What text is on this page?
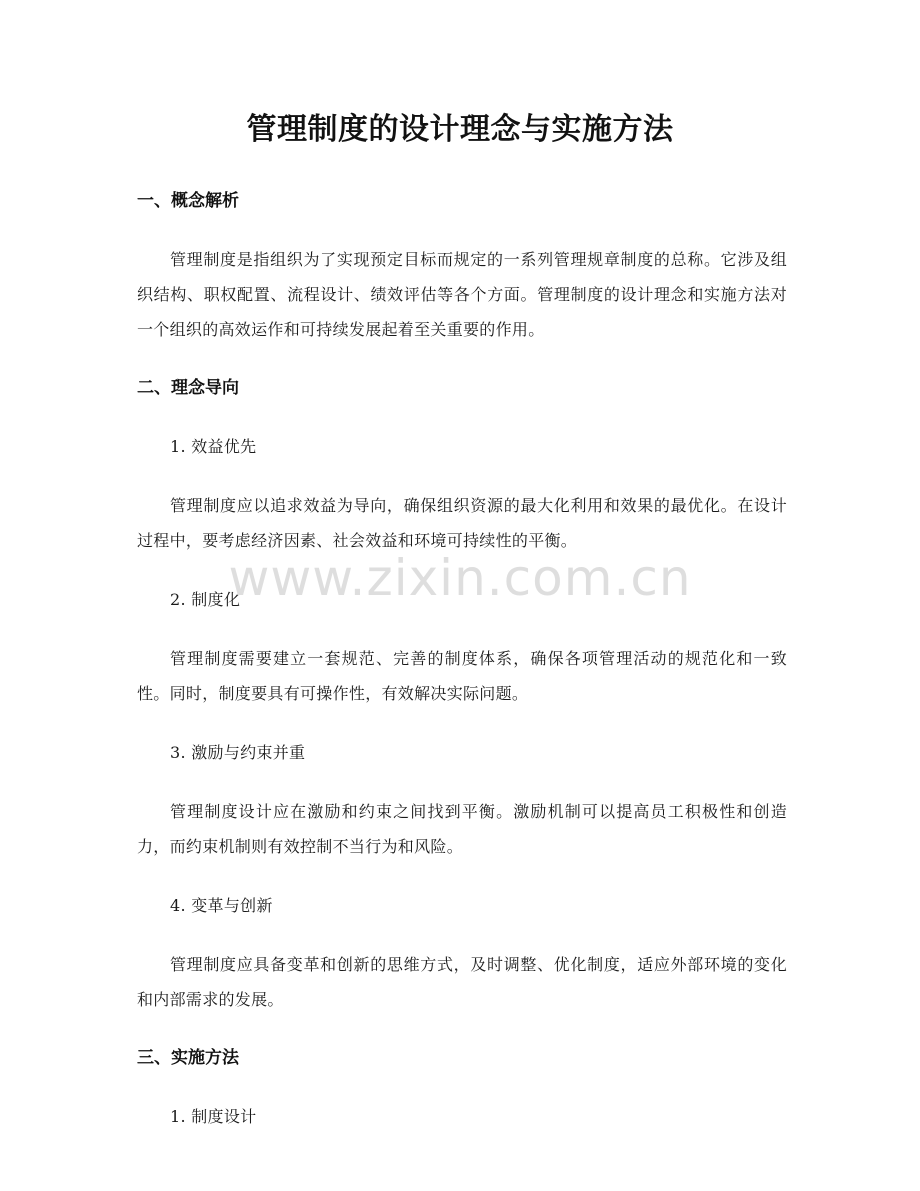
管理制度的设计理念与实施方法
www.zixin.com.cn
一、概念解析

管理制度是指组织为了实现预定目标而规定的一系列管理规章制度的总称。它涉及组织结构、职权配置、流程设计、绩效评估等各个方面。管理制度的设计理念和实施方法对一个组织的高效运作和可持续发展起着至关重要的作用。

二、理念导向
1. 效益优先

管理制度应以追求效益为导向，确保组织资源的最大化利用和效果的最优化。在设计过程中，要考虑经济因素、社会效益和环境可持续性的平衡。

2. 制度化

管理制度需要建立一套规范、完善的制度体系，确保各项管理活动的规范化和一致性。同时，制度要具有可操作性，有效解决实际问题。

3. 激励与约束并重

管理制度设计应在激励和约束之间找到平衡。激励机制可以提高员工积极性和创造力，而约束机制则有效控制不当行为和风险。

4. 变革与创新

管理制度应具备变革和创新的思维方式，及时调整、优化制度，适应外部环境的变化和内部需求的发展。

三、实施方法
1. 制度设计
